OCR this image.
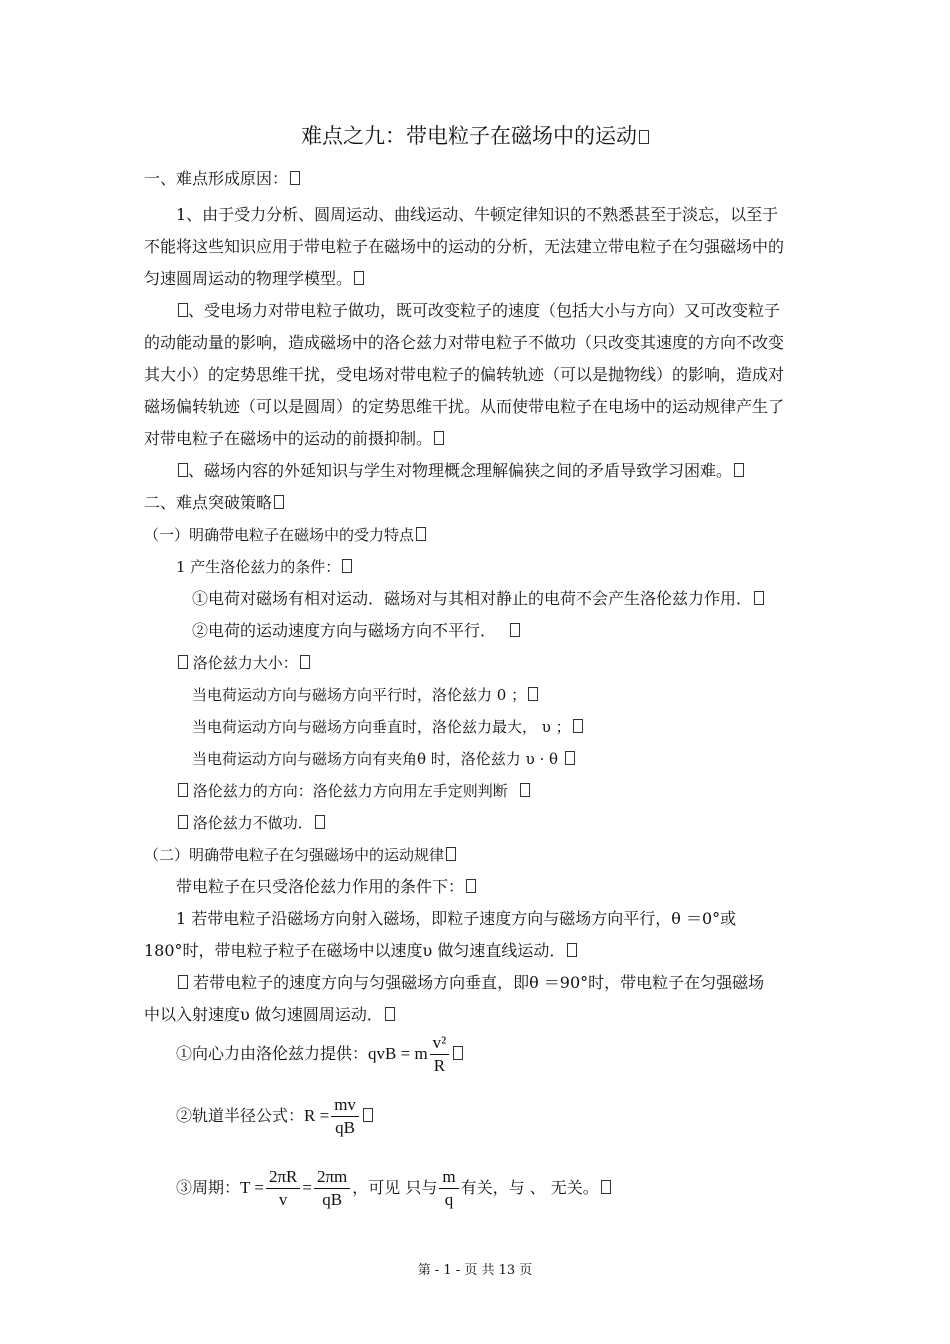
难点之九：带电粒子在磁场中的运动
一、难点形成原因：
1、由于受力分析、圆周运动、曲线运动、牛顿定律知识的不熟悉甚至于淡忘，以至于
不能将这些知识应用于带电粒子在磁场中的运动的分析，无法建立带电粒子在匀强磁场中的
匀速圆周运动的物理学模型。
、受电场力对带电粒子做功，既可改变粒子的速度（包括大小与方向）又可改变粒子
的动能动量的影响，造成磁场中的洛仑兹力对带电粒子不做功（只改变其速度的方向不改变
其大小）的定势思维干扰，受电场对带电粒子的偏转轨迹（可以是抛物线）的影响，造成对
磁场偏转轨迹（可以是圆周）的定势思维干扰。从而使带电粒子在电场中的运动规律产生了
对带电粒子在磁场中的运动的前摄抑制。
、磁场内容的外延知识与学生对物理概念理解偏狭之间的矛盾导致学习困难。
二、难点突破策略
（一）明确带电粒子在磁场中的受力特点
1 产生洛伦兹力的条件：
①电荷对磁场有相对运动．磁场对与其相对静止的电荷不会产生洛伦兹力作用．
②电荷的运动速度方向与磁场方向不平行．
洛伦兹力大小：
当电荷运动方向与磁场方向平行时，洛伦兹力 0 ；
当电荷运动方向与磁场方向垂直时，洛伦兹力最大， υ ；
当电荷运动方向与磁场方向有夹角θ 时，洛伦兹力 υ · θ
洛伦兹力的方向：洛伦兹力方向用左手定则判断
洛伦兹力不做功．
（二）明确带电粒子在匀强磁场中的运动规律
带电粒子在只受洛伦兹力作用的条件下：
1 若带电粒子沿磁场方向射入磁场，即粒子速度方向与磁场方向平行，θ ＝0°或
180°时，带电粒子粒子在磁场中以速度υ 做匀速直线运动．
若带电粒子的速度方向与匀强磁场方向垂直，即θ ＝90°时，带电粒子在匀强磁场
中以入射速度υ 做匀速圆周运动．
①向心力由洛伦兹力提供：qvB = m $\frac{\text{v²}}{R}$
②轨道半径公式：$R = \frac{mv}{qB}$
③周期：$T = \frac{2\pi R}{v} = \frac{2\pi m}{qB}$ ，可见 只与 $\frac{m}{q}$ 有关，与 、 无关。
第 - 1 - 页 共 13 页
